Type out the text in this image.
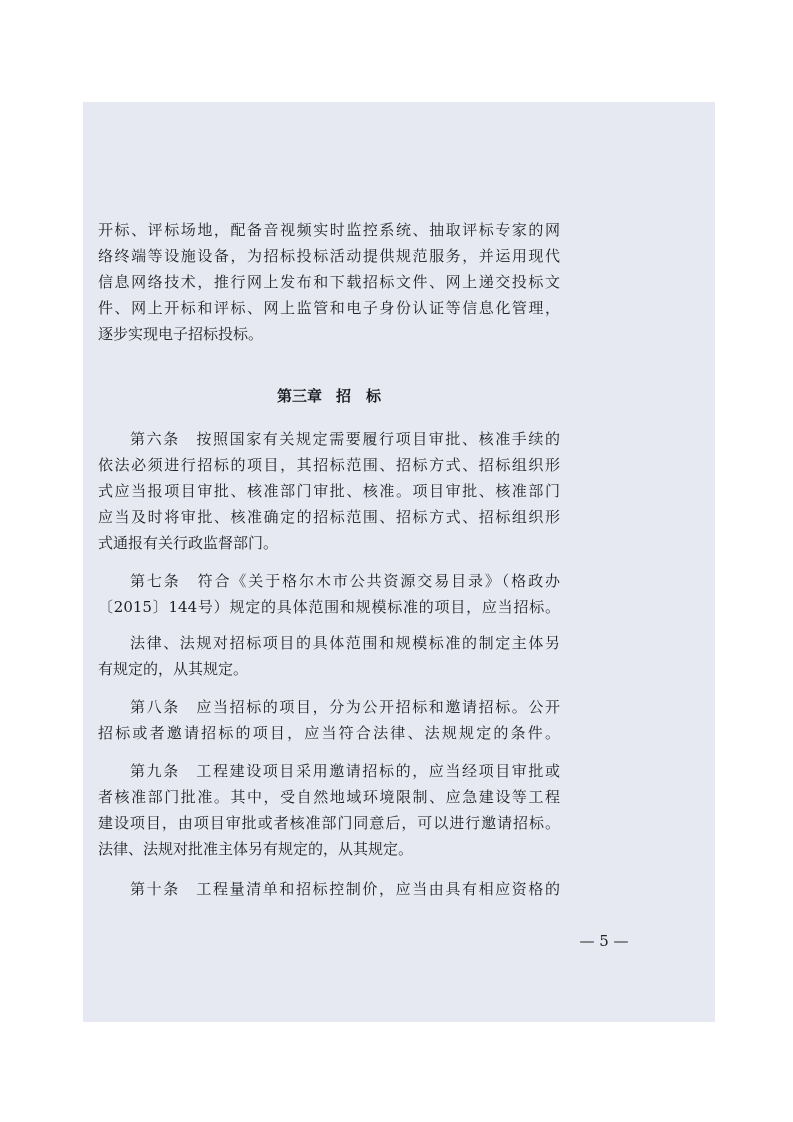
开标、评标场地，配备音视频实时监控系统、抽取评标专家的网
络终端等设施设备，为招标投标活动提供规范服务，并运用现代
信息网络技术，推行网上发布和下载招标文件、网上递交投标文
件、网上开标和评标、网上监管和电子身份认证等信息化管理，
逐步实现电子招标投标。
第三章 招　标
第六条　按照国家有关规定需要履行项目审批、核准手续的
依法必须进行招标的项目，其招标范围、招标方式、招标组织形
式应当报项目审批、核准部门审批、核准。项目审批、核准部门
应当及时将审批、核准确定的招标范围、招标方式、招标组织形
式通报有关行政监督部门。
第七条　符合《关于格尔木市公共资源交易目录》（格政办
〔2015〕144号）规定的具体范围和规模标准的项目，应当招标。
法律、法规对招标项目的具体范围和规模标准的制定主体另
有规定的，从其规定。
第八条　应当招标的项目，分为公开招标和邀请招标。公开
招标或者邀请招标的项目，应当符合法律、法规规定的条件。
第九条　工程建设项目采用邀请招标的，应当经项目审批或
者核准部门批准。其中，受自然地域环境限制、应急建设等工程
建设项目，由项目审批或者核准部门同意后，可以进行邀请招标。
法律、法规对批准主体另有规定的，从其规定。
第十条　工程量清单和招标控制价，应当由具有相应资格的
— 5 —
